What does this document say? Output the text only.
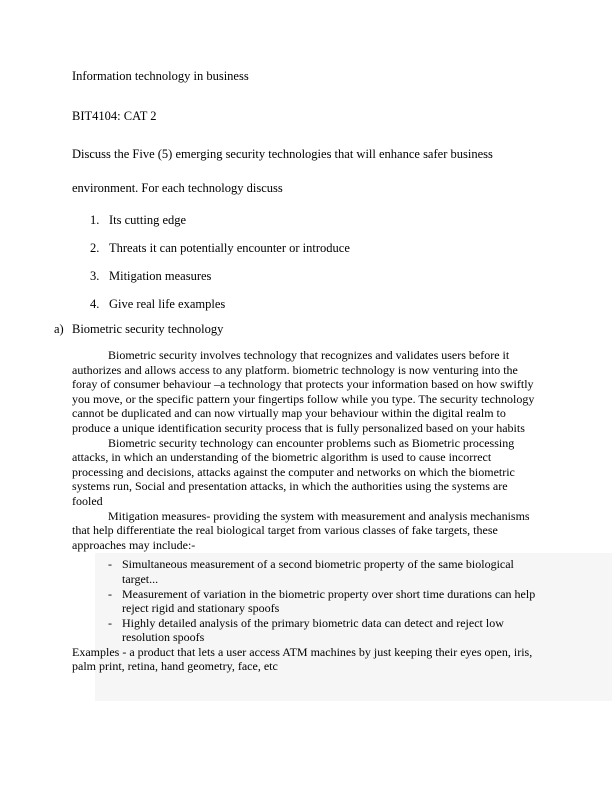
Information technology in business
BIT4104: CAT 2
Discuss the Five (5) emerging security technologies that will enhance safer business
environment. For each technology discuss
1. Its cutting edge
2. Threats it can potentially encounter or introduce
3. Mitigation measures
4. Give real life examples
a) Biometric security technology

Biometric security involves technology that recognizes and validates users before it authorizes and allows access to any platform. biometric technology is now venturing into the foray of consumer behaviour –a technology that protects your information based on how swiftly you move, or the specific pattern your fingertips follow while you type. The security technology cannot be duplicated and can now virtually map your behaviour within the digital realm to produce a unique identification security process that is fully personalized based on your habits

Biometric security technology can encounter problems such as Biometric processing attacks, in which an understanding of the biometric algorithm is used to cause incorrect processing and decisions, attacks against the computer and networks on which the biometric systems run, Social and presentation attacks, in which the authorities using the systems are fooled

Mitigation measures- providing the system with measurement and analysis mechanisms that help differentiate the real biological target from various classes of fake targets, these approaches may include:-

- Simultaneous measurement of a second biometric property of the same biological target...
- Measurement of variation in the biometric property over short time durations can help reject rigid and stationary spoofs
- Highly detailed analysis of the primary biometric data can detect and reject low resolution spoofs

Examples - a product that lets a user access ATM machines by just keeping their eyes open, iris, palm print, retina, hand geometry, face, etc
